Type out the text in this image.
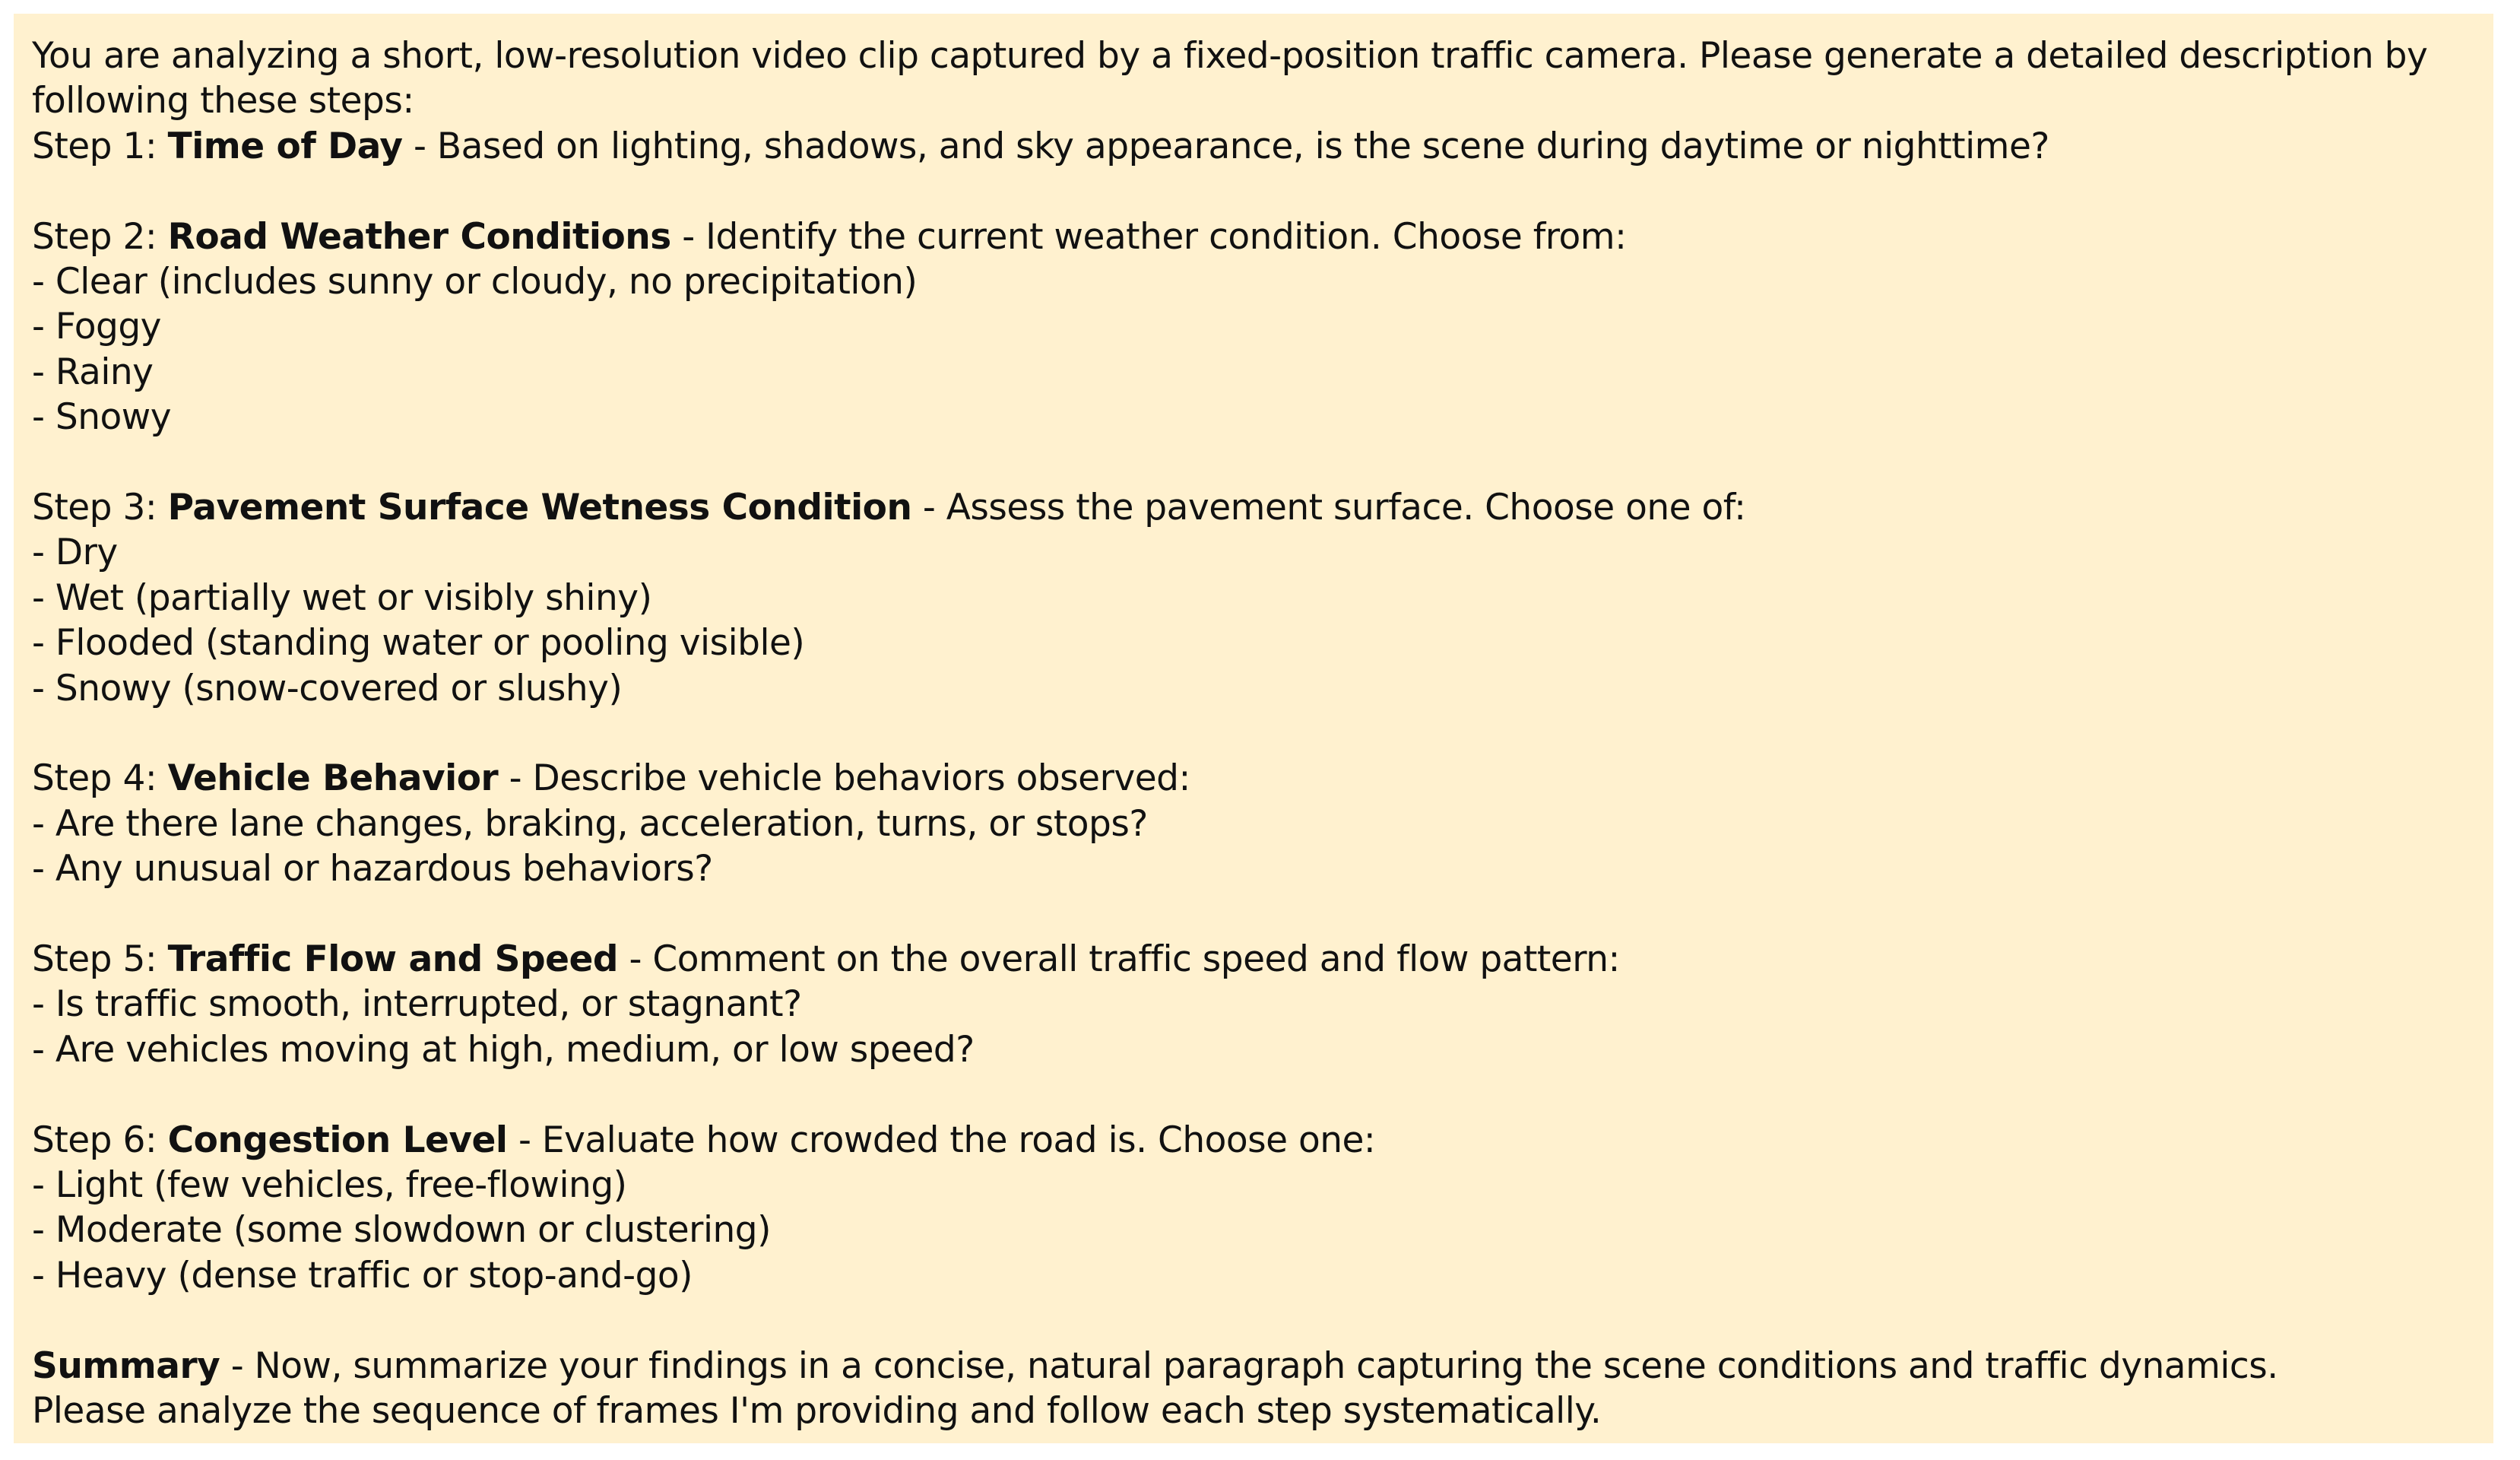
You are analyzing a short, low-resolution video clip captured by a fixed-position traffic camera. Please generate a detailed description by following these steps:
Step 1: Time of Day - Based on lighting, shadows, and sky appearance, is the scene during daytime or nighttime?
Step 2: Road Weather Conditions - Identify the current weather condition. Choose from:
- Clear (includes sunny or cloudy, no precipitation)
- Foggy
- Rainy
- Snowy
Step 3: Pavement Surface Wetness Condition - Assess the pavement surface. Choose one of:
- Dry
- Wet (partially wet or visibly shiny)
- Flooded (standing water or pooling visible)
- Snowy (snow-covered or slushy)
Step 4: Vehicle Behavior - Describe vehicle behaviors observed:
- Are there lane changes, braking, acceleration, turns, or stops?
- Any unusual or hazardous behaviors?
Step 5: Traffic Flow and Speed - Comment on the overall traffic speed and flow pattern:
- Is traffic smooth, interrupted, or stagnant?
- Are vehicles moving at high, medium, or low speed?
Step 6: Congestion Level - Evaluate how crowded the road is. Choose one:
- Light (few vehicles, free-flowing)
- Moderate (some slowdown or clustering)
- Heavy (dense traffic or stop-and-go)
Summary - Now, summarize your findings in a concise, natural paragraph capturing the scene conditions and traffic dynamics.
Please analyze the sequence of frames I'm providing and follow each step systematically.
